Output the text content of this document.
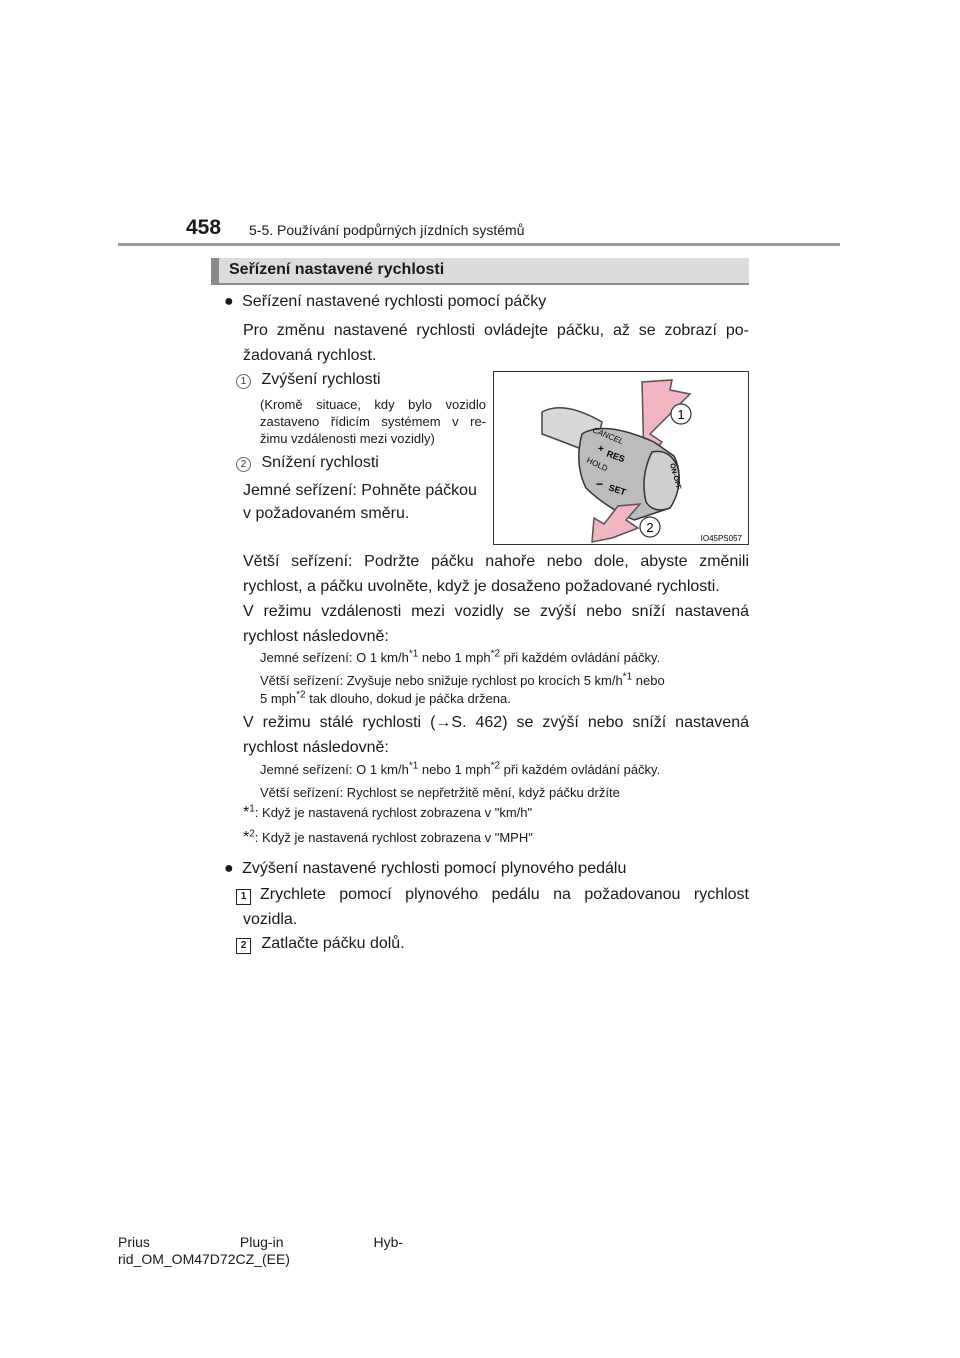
458 5-5. Používání podpůrných jízdních systémů
Seřízení nastavené rychlosti
● Seřízení nastavené rychlosti pomocí páčky
Pro změnu nastavené rychlosti ovládejte páčku, až se zobrazí po-
žadovaná rychlost.
1 Zvýšení rychlosti
(Kromě situace, kdy bylo vozidlo
zastaveno řídicím systémem v re-
žimu vzdálenosti mezi vozidly)
2 Snížení rychlosti
Jemné seřízení: Pohněte páčkou
v požadovaném směru.
CANCEL
+ RES
HOLD
− SET	ON-OFF
1
2
IO45PS057
Větší seřízení: Podržte páčku nahoře nebo dole, abyste změnili
rychlost, a páčku uvolněte, když je dosaženo požadované rychlosti.
V režimu vzdálenosti mezi vozidly se zvýší nebo sníží nastavená
rychlost následovně:
Jemné seřízení: O 1 $km/h^{*1}$ nebo 1 mph$^{*2}$ při každém ovládání páčky.
Větší seřízení: Zvyšuje nebo snižuje rychlost po krocích 5 $km/h^{*1}$ nebo
5 mph$^{*2}$ tak dlouho, dokud je páčka držena.
V režimu stálé rychlosti (→S. 462) se zvýší nebo sníží nastavená
rychlost následovně:
Jemné seřízení: O 1 $km/h^{*1}$ nebo 1 mph$^{*2}$ při každém ovládání páčky.
Větší seřízení: Rychlost se nepřetržitě mění, když páčku držíte
*$^1$: Když je nastavená rychlost zobrazena v "km/h"
*$^2$: Když je nastavená rychlost zobrazena v "MPH"
● Zvýšení nastavené rychlosti pomocí plynového pedálu
1 Zrychlete pomocí plynového pedálu na požadovanou rychlost
vozidla.
2 Zatlačte páčku dolů.
Prius	Plug-in	Hyb-
rid_OM_OM47D72CZ_(EE)
